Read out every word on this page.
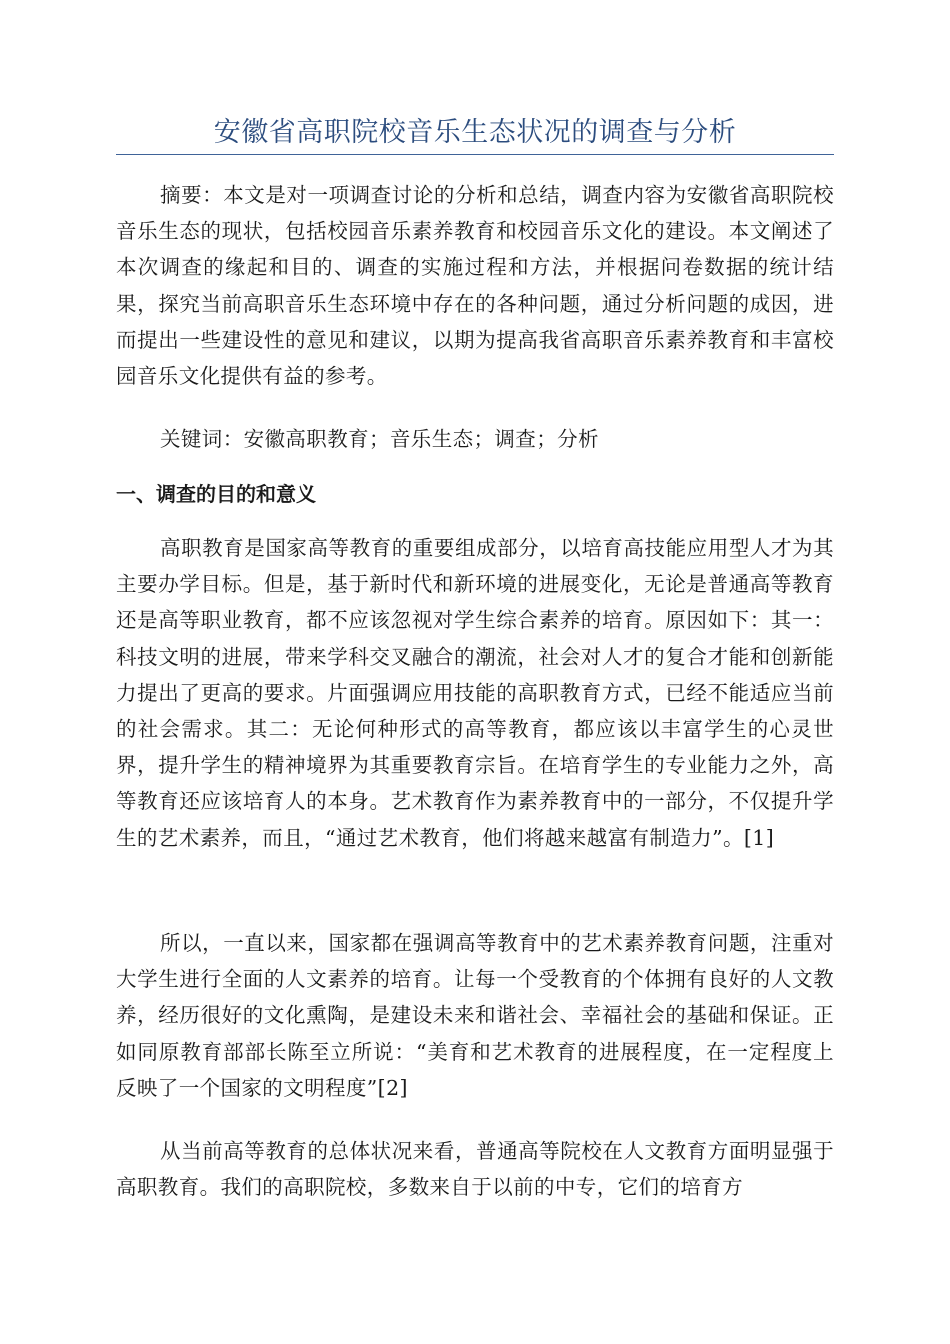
安徽省高职院校音乐生态状况的调查与分析

摘要：本文是对一项调查讨论的分析和总结，调查内容为安徽省高职院校音乐生态的现状，包括校园音乐素养教育和校园音乐文化的建设。本文阐述了本次调查的缘起和目的、调查的实施过程和方法，并根据问卷数据的统计结果，探究当前高职音乐生态环境中存在的各种问题，通过分析问题的成因，进而提出一些建设性的意见和建议，以期为提高我省高职音乐素养教育和丰富校园音乐文化提供有益的参考。

关键词：安徽高职教育；音乐生态；调查；分析

一、调查的目的和意义

高职教育是国家高等教育的重要组成部分，以培育高技能应用型人才为其主要办学目标。但是，基于新时代和新环境的进展变化，无论是普通高等教育还是高等职业教育，都不应该忽视对学生综合素养的培育。原因如下：其一：科技文明的进展，带来学科交叉融合的潮流，社会对人才的复合才能和创新能力提出了更高的要求。片面强调应用技能的高职教育方式，已经不能适应当前的社会需求。其二：无论何种形式的高等教育，都应该以丰富学生的心灵世界，提升学生的精神境界为其重要教育宗旨。在培育学生的专业能力之外，高等教育还应该培育人的本身。艺术教育作为素养教育中的一部分，不仅提升学生的艺术素养，而且，“通过艺术教育，他们将越来越富有制造力”。[1]

所以，一直以来，国家都在强调高等教育中的艺术素养教育问题，注重对大学生进行全面的人文素养的培育。让每一个受教育的个体拥有良好的人文教养，经历很好的文化熏陶，是建设未来和谐社会、幸福社会的基础和保证。正如同原教育部部长陈至立所说：“美育和艺术教育的进展程度，在一定程度上反映了一个国家的文明程度”[2]

从当前高等教育的总体状况来看，普通高等院校在人文教育方面明显强于高职教育。我们的高职院校，多数来自于以前的中专，它们的培育方
